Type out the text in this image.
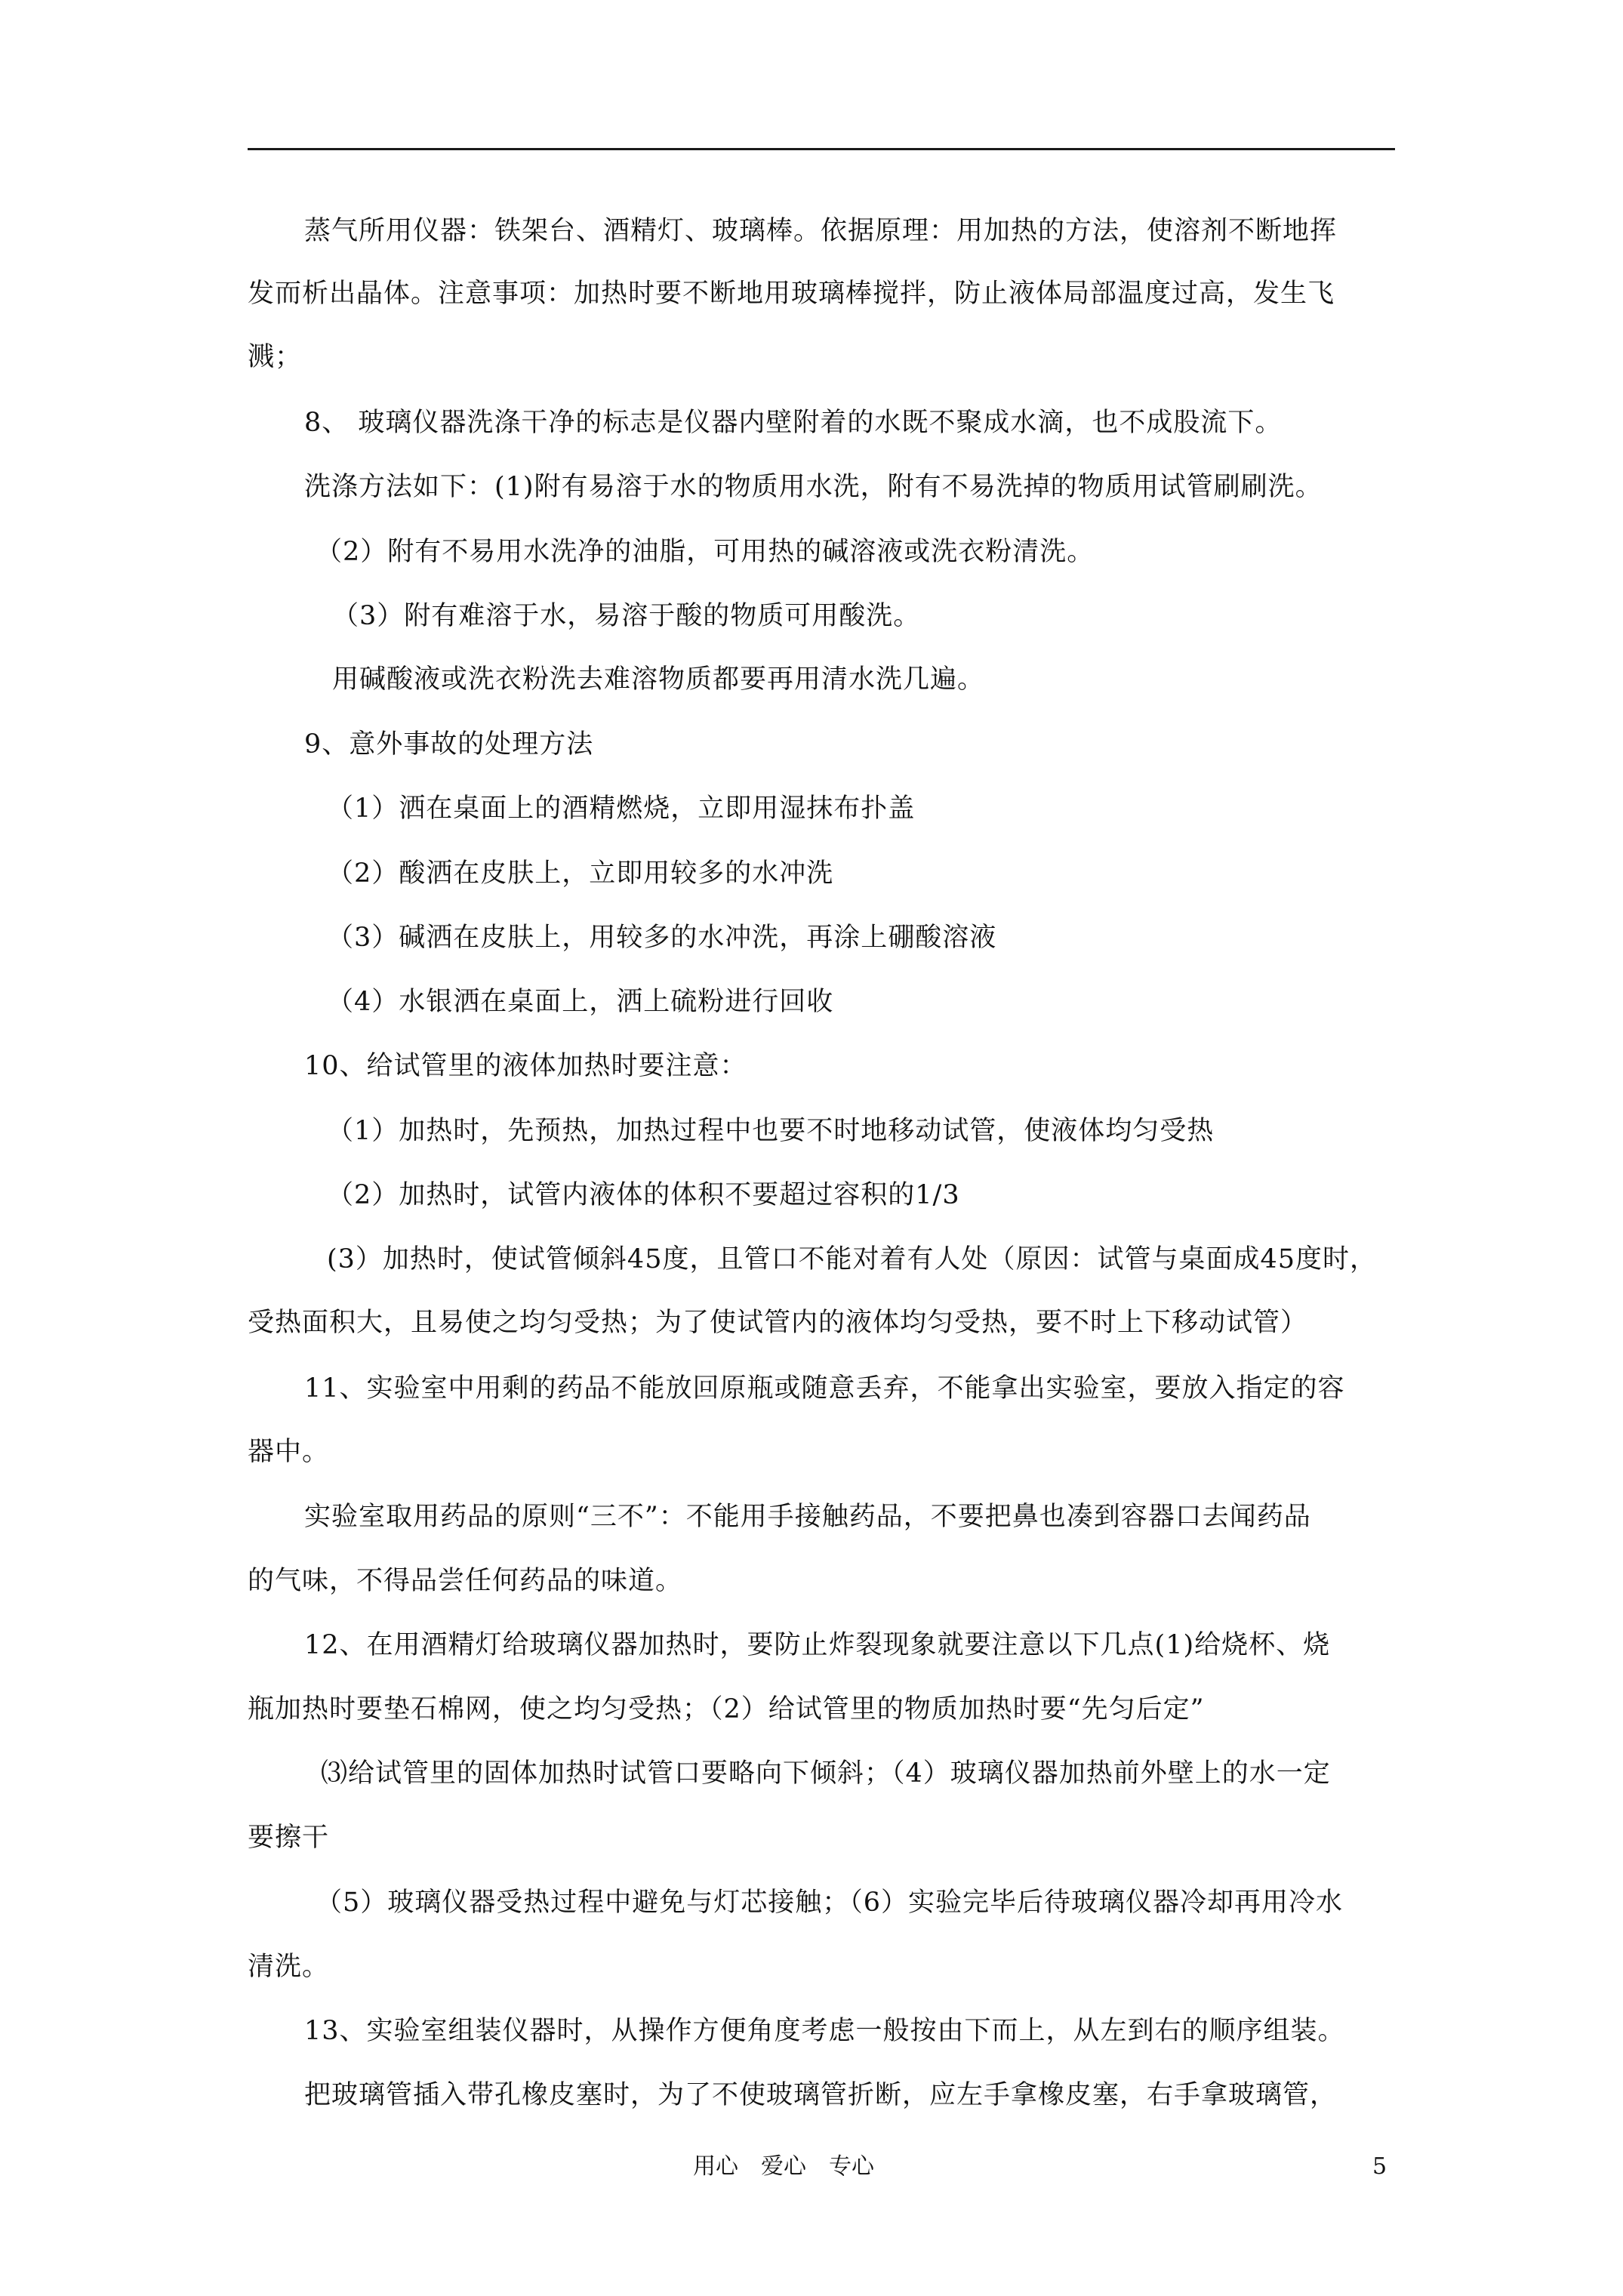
蒸气所用仪器：铁架台、酒精灯、玻璃棒。依据原理：用加热的方法，使溶剂不断地挥
发而析出晶体。注意事项：加热时要不断地用玻璃棒搅拌，防止液体局部温度过高，发生飞
溅；
8、 玻璃仪器洗涤干净的标志是仪器内壁附着的水既不聚成水滴，也不成股流下。
洗涤方法如下：(1)附有易溶于水的物质用水洗，附有不易洗掉的物质用试管刷刷洗。
（2）附有不易用水洗净的油脂，可用热的碱溶液或洗衣粉清洗。
（3）附有难溶于水，易溶于酸的物质可用酸洗。
用碱酸液或洗衣粉洗去难溶物质都要再用清水洗几遍。
9、意外事故的处理方法
（1）洒在桌面上的酒精燃烧，立即用湿抹布扑盖
（2）酸洒在皮肤上，立即用较多的水冲洗
（3）碱洒在皮肤上，用较多的水冲洗，再涂上硼酸溶液
（4）水银洒在桌面上，洒上硫粉进行回收
10、给试管里的液体加热时要注意：
（1）加热时，先预热，加热过程中也要不时地移动试管，使液体均匀受热
（2）加热时，试管内液体的体积不要超过容积的1/3
(3）加热时，使试管倾斜45度，且管口不能对着有人处（原因：试管与桌面成45度时，
受热面积大，且易使之均匀受热；为了使试管内的液体均匀受热，要不时上下移动试管）
11、实验室中用剩的药品不能放回原瓶或随意丢弃，不能拿出实验室，要放入指定的容
器中。
实验室取用药品的原则“三不”：不能用手接触药品，不要把鼻也凑到容器口去闻药品
的气味，不得品尝任何药品的味道。
12、在用酒精灯给玻璃仪器加热时，要防止炸裂现象就要注意以下几点(1)给烧杯、烧
瓶加热时要垫石棉网，使之均匀受热；（2）给试管里的物质加热时要“先匀后定”
⑶给试管里的固体加热时试管口要略向下倾斜；（4）玻璃仪器加热前外壁上的水一定
要擦干
（5）玻璃仪器受热过程中避免与灯芯接触；（6）实验完毕后待玻璃仪器冷却再用冷水
清洗。
13、实验室组装仪器时，从操作方便角度考虑一般按由下而上，从左到右的顺序组装。
把玻璃管插入带孔橡皮塞时，为了不使玻璃管折断，应左手拿橡皮塞，右手拿玻璃管，
用心　爱心　专心	5
